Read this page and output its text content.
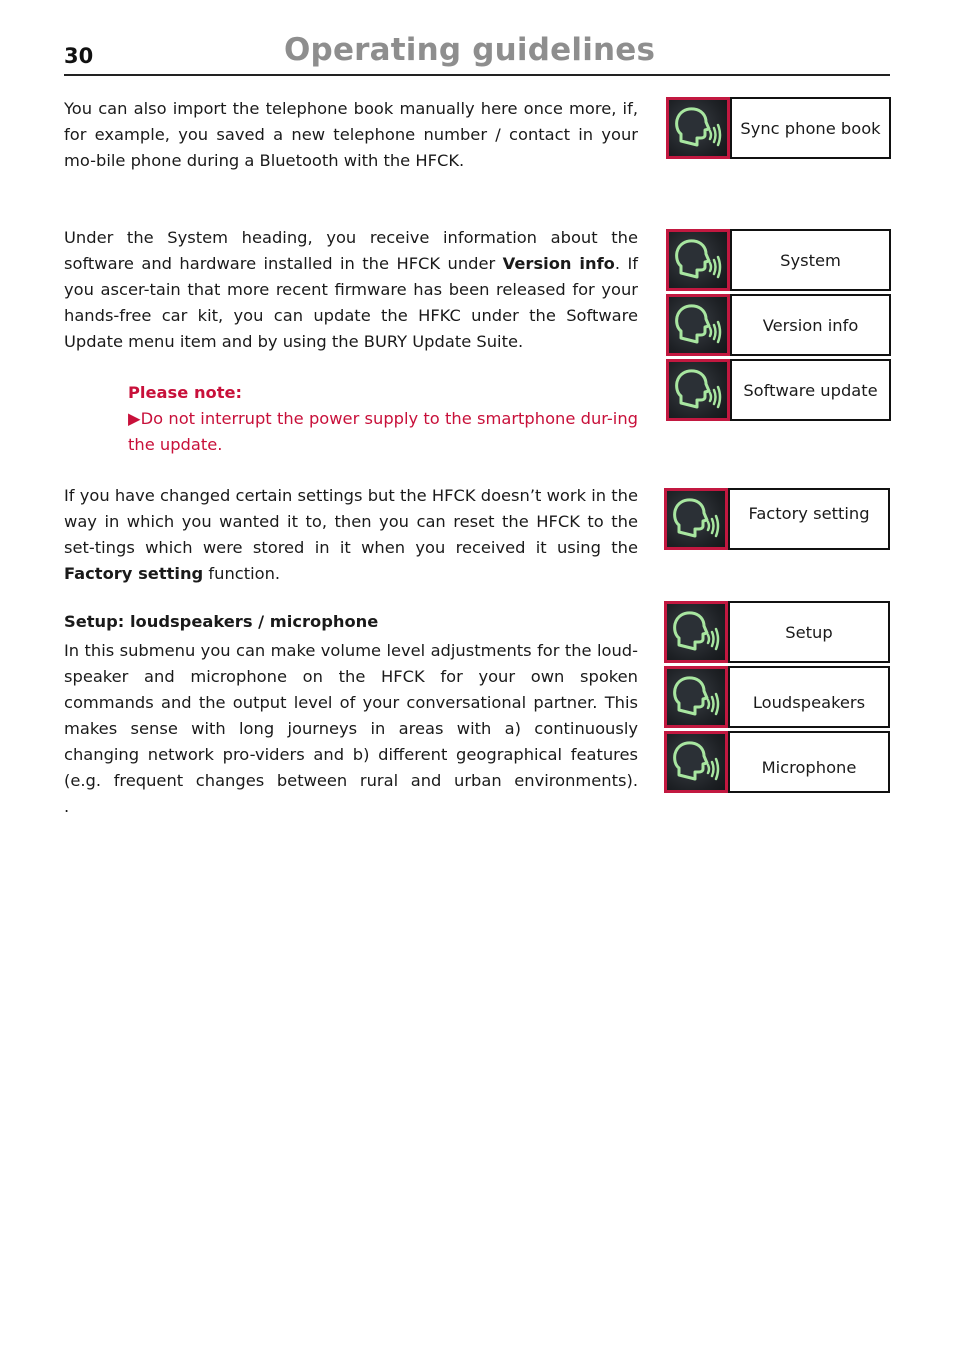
30	Operating guidelines

You can also import the telephone book manually here once more, if, for example, you saved a new telephone number / contact in your mo-bile phone during a Bluetooth with the HFCK.

Under the System heading, you receive information about the software and hardware installed in the HFCK under Version info. If you ascer-tain that more recent firmware has been released for your hands-free car kit, you can update the HFKC under the Software Update menu item and by using the BURY Update Suite.

Please note:
▶Do not interrupt the power supply to the smartphone dur-ing the update.

If you have changed certain settings but the HFCK doesn’t work in the way in which you wanted it to, then you can reset the HFCK to the set-tings which were stored in it when you received it using the Factory setting function.

Setup: loudspeakers / microphone

In this submenu you can make volume level adjustments for the loud-speaker and microphone on the HFCK for your own spoken commands and the output level of your conversational partner. This makes sense with long journeys in areas with a) continuously changing network pro-viders and b) different geographical features (e.g. frequent changes between rural and urban environments).

.

Sync phone book
System
Version info
Software update
Factory setting
Setup
Loudspeakers
Microphone
